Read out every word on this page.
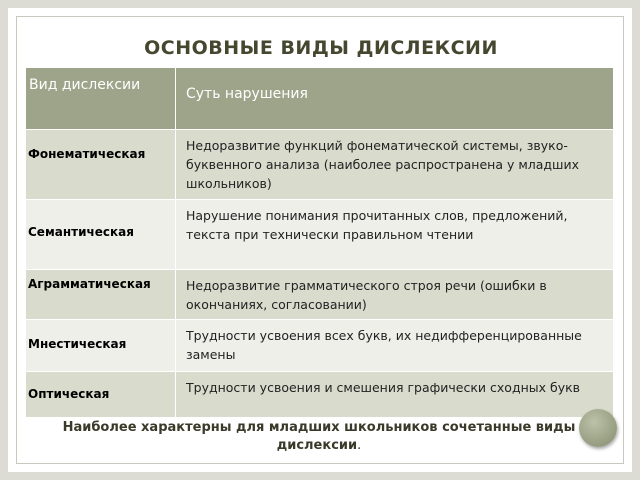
ОСНОВНЫЕ ВИДЫ ДИСЛЕКСИИ
Вид дислексии	Суть нарушения
Фонематическая	Недоразвитие функций фонематической системы, звуко-буквенного анализа (наиболее распространена у младших школьников)
Семантическая	Нарушение понимания прочитанных слов, предложений, текста при технически правильном чтении
Аграмматическая	Недоразвитие грамматического строя речи (ошибки в окончаниях, согласовании)
Мнестическая	Трудности усвоения всех букв, их недифференцированные замены
Оптическая	Трудности усвоения и смешения графически сходных букв
Наиболее характерны для младших школьников сочетанные виды дислексии.
